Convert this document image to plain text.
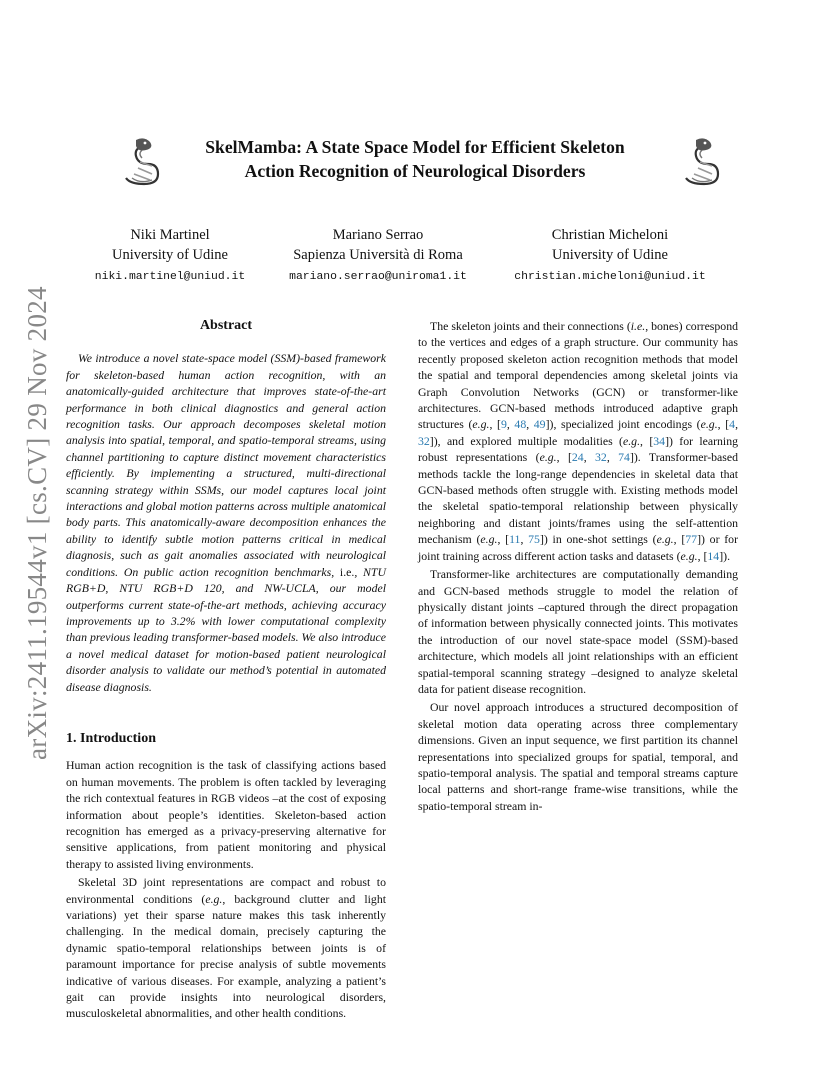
arXiv:2411.19544v1 [cs.CV] 29 Nov 2024
SkelMamba: A State Space Model for Efficient Skeleton
Action Recognition of Neurological Disorders
Niki Martinel
University of Udine
niki.martinel@uniud.it
Mariano Serrao
Sapienza Università di Roma
mariano.serrao@uniroma1.it
Christian Micheloni
University of Udine
christian.micheloni@uniud.it
Abstract

We introduce a novel state-space model (SSM)-based framework for skeleton-based human action recognition, with an anatomically-guided architecture that improves state-of-the-art performance in both clinical diagnostics and general action recognition tasks. Our approach decomposes skeletal motion analysis into spatial, temporal, and spatio-temporal streams, using channel partitioning to capture distinct movement characteristics efficiently. By implementing a structured, multi-directional scanning strategy within SSMs, our model captures local joint interactions and global motion patterns across multiple anatomical body parts. This anatomically-aware decomposition enhances the ability to identify subtle motion patterns critical in medical diagnosis, such as gait anomalies associated with neurological conditions. On public action recognition benchmarks, i.e., NTU RGB+D, NTU RGB+D 120, and NW-UCLA, our model outperforms current state-of-the-art methods, achieving accuracy improvements up to 3.2% with lower computational complexity than previous leading transformer-based models. We also introduce a novel medical dataset for motion-based patient neurological disorder analysis to validate our method’s potential in automated disease diagnosis.

1. Introduction

Human action recognition is the task of classifying actions based on human movements. The problem is often tackled by leveraging the rich contextual features in RGB videos –at the cost of exposing information about people’s identities. Skeleton-based action recognition has emerged as a privacy-preserving alternative for sensitive applications, from patient monitoring and physical therapy to assisted living environments.

Skeletal 3D joint representations are compact and robust to environmental conditions (e.g., background clutter and light variations) yet their sparse nature makes this task inherently challenging. In the medical domain, precisely capturing the dynamic spatio-temporal relationships between joints is of paramount importance for precise analysis of subtle movements indicative of various diseases. For example, analyzing a patient’s gait can provide insights into neurological disorders, musculoskeletal abnormalities, and other health conditions.

The skeleton joints and their connections (i.e., bones) correspond to the vertices and edges of a graph structure. Our community has recently proposed skeleton action recognition methods that model the spatial and temporal dependencies among skeletal joints via Graph Convolution Networks (GCN) or transformer-like architectures. GCN-based methods introduced adaptive graph structures (e.g., [9, 48, 49]), specialized joint encodings (e.g., [4, 32]), and explored multiple modalities (e.g., [34]) for learning robust representations (e.g., [24, 32, 74]). Transformer-based methods tackle the long-range dependencies in skeletal data that GCN-based methods often struggle with. Existing methods model the skeletal spatio-temporal relationship between physically neighboring and distant joints/frames using the self-attention mechanism (e.g., [11, 75]) in one-shot settings (e.g., [77]) or for joint training across different action tasks and datasets (e.g., [14]).

Transformer-like architectures are computationally demanding and GCN-based methods struggle to model the relation of physically distant joints –captured through the direct propagation of information between physically connected joints. This motivates the introduction of our novel state-space model (SSM)-based architecture, which models all joint relationships with an efficient spatial-temporal scanning strategy –designed to analyze skeletal data for patient disease recognition.

Our novel approach introduces a structured decomposition of skeletal motion data operating across three complementary dimensions. Given an input sequence, we first partition its channel representations into specialized groups for spatial, temporal, and spatio-temporal analysis. The spatial and temporal streams capture local patterns and short-range frame-wise transitions, while the spatio-temporal stream in-
